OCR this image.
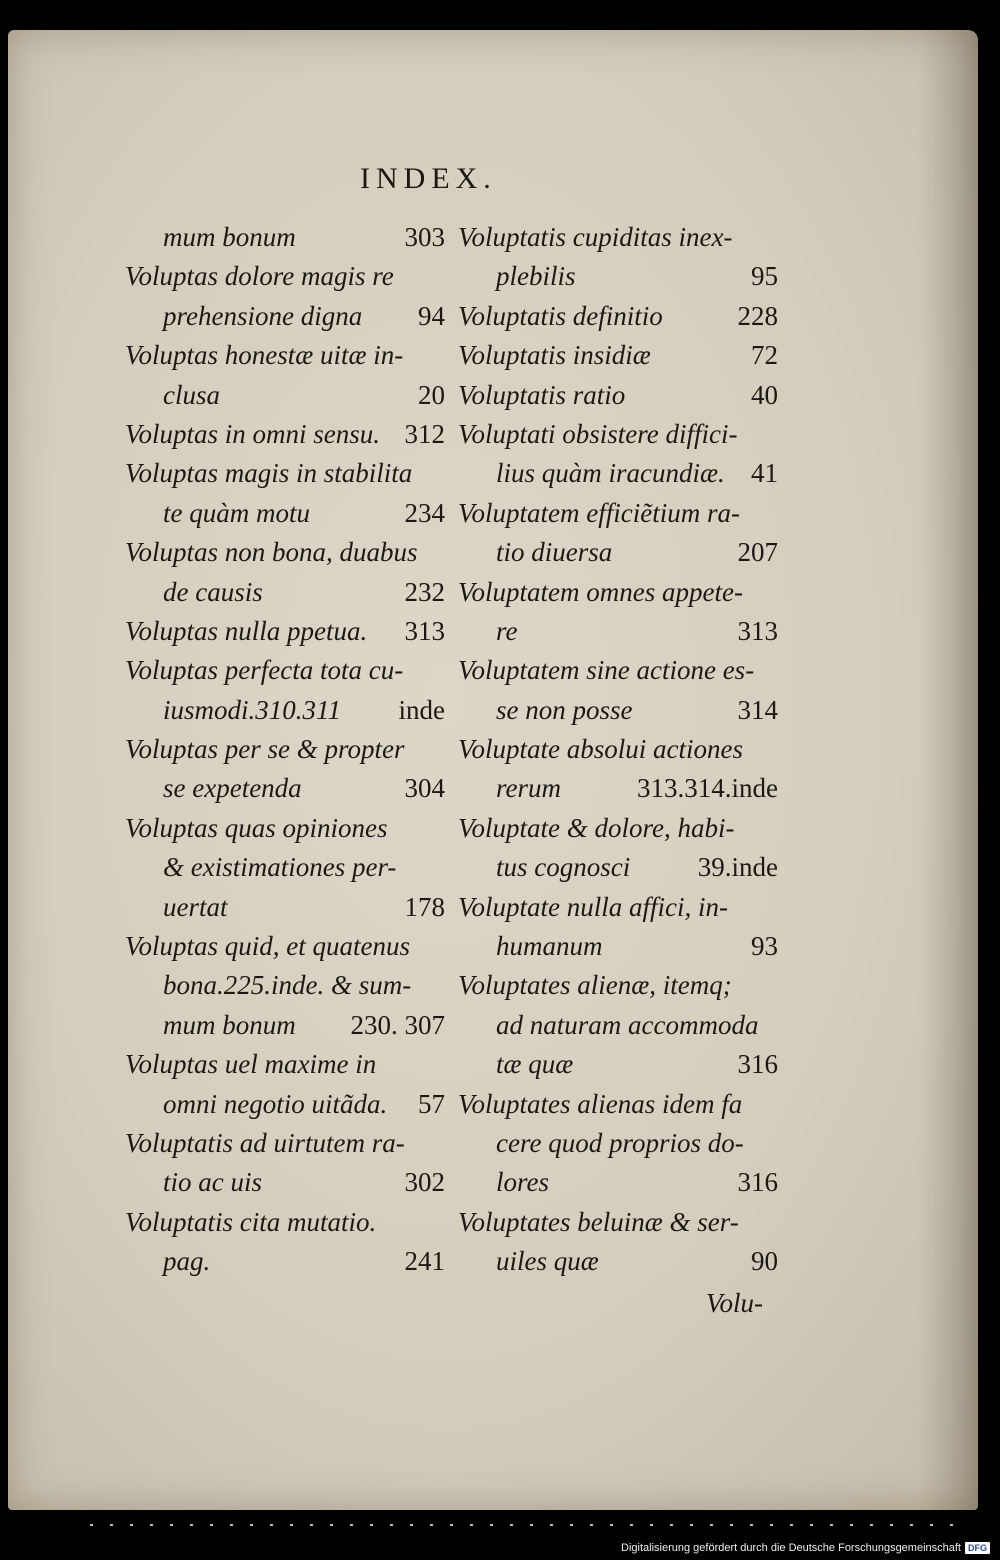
INDEX.
mum bonum	303
Voluptas dolore magis re
prehensione digna 94
Voluptas honestæ uitæ in-
clusa	20
Voluptas in omni sensu. 312
Voluptas magis in stabilita
te quàm motu	234
Voluptas non bona, duabus
de causis	232
Voluptas nulla ppetua. 313
Voluptas perfecta tota cu-
iusmodi.310.311 inde
Voluptas per se & propter
se expetenda	304
Voluptas quas opiniones
& existimationes per-
uertat	178
Voluptas quid, et quatenus
bona.225.inde. & sum-
mum bonum 230. 307
Voluptas uel maxime in
omni negotio uitãda. 57
Voluptatis ad uirtutem ra-
tio ac uis	302
Voluptatis cita mutatio.
pag.	241
Voluptatis cupiditas inex-
plebilis	95
Voluptatis definitio	228
Voluptatis insidiæ	72
Voluptatis ratio	40
Voluptati obsistere diffici-
lius quàm iracundiæ. 41
Voluptatem efficiẽtium ra-
tio diuersa	207
Voluptatem omnes appete-
re	313
Voluptatem sine actione es-
se non posse	314
Voluptate absolui actiones
rerum	313.314.inde
Voluptate & dolore, habi-
tus cognosci	39.inde
Voluptate nulla affici, in-
humanum	93
Voluptates alienæ, itemq;
ad naturam accommoda
tæ quæ	316
Voluptates alienas idem fa
cere quod proprios do-
lores	316
Voluptates beluinæ & ser-
uiles quæ	90
Volu-
Digitalisierung gefördert durch die Deutsche Forschungsgemeinschaft DFG
